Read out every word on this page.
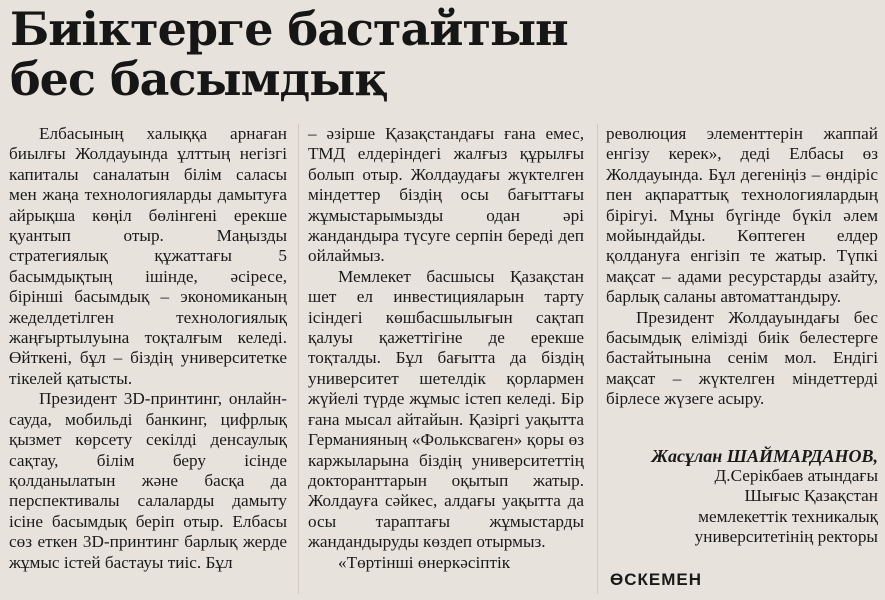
Биіктерге бастайтын бес басымдық

Елбасының халыққа арнаған биылғы Жолдауында ұлттың негізгі капиталы саналатын білім саласы мен жаңа технологияларды дамытуға айрықша көңіл бөлінгені ерекше қуантып отыр. Маңызды стратегиялық құжаттағы 5 басымдықтың ішінде, әсіресе, бірінші басымдық – экономиканың жеделдетілген технологиялық жаңғыртылуына тоқталғым келеді. Өйткені, бұл – біздің университетке тікелей қатысты.

Президент 3D-принтинг, онлайн-сауда, мобильді банкинг, цифрлық қызмет көрсету секілді денсаулық сақтау, білім беру ісінде қолданылатын және басқа да перспективалы салаларды дамыту ісіне басымдық беріп отыр. Елбасы сөз еткен 3D-принтинг барлық жерде жұмыс істей бастауы тиіс. Бұл

– әзірше Қазақстандағы ғана емес, ТМД елдеріндегі жалғыз құрылғы болып отыр. Жолдаудағы жүктелген міндеттер біздің осы бағыттағы жұмыстарымызды одан әрі жандандыра түсуге серпін береді деп ойлаймыз.

Мемлекет басшысы Қазақстан шет ел инвестицияларын тарту ісіндегі көшбасшылығын сақтап қалуы қажеттігіне де ерекше тоқталды. Бұл бағытта да біздің университет шетелдік қорлармен жүйелі түрде жұмыс істеп келеді. Бір ғана мысал айтайын. Қазіргі уақытта Германияның «Фольксваген» қоры өз каржыларына біздің университеттің докторанттарын оқытып жатыр. Жолдауға сәйкес, алдағы уақытта да осы тараптағы жұмыстарды жандандыруды көздеп отырмыз.

«Төртінші өнеркәсіптік

революция элементтерін жаппай енгізу керек», деді Елбасы өз Жолдауында. Бұл дегеніңіз – өндіріс пен ақпараттық технологиялардың бірігуі. Мұны бүгінде бүкіл әлем мойындайды. Көптеген елдер қолдануға енгізіп те жатыр. Түпкі мақсат – адами ресурстарды азайту, барлық саланы автоматтандыру.

Президент Жолдауындағы бес басымдық елімізді биік белестерге бастайтынына сенім мол. Ендігі мақсат – жүктелген міндеттерді бірлесе жүзеге асыру.

Жасұлан ШАЙМАРДАНОВ,
Д.Серікбаев атындағы
Шығыс Қазақстан
мемлекеттік техникалық
университетінің ректоры
ӨСКЕМЕН
